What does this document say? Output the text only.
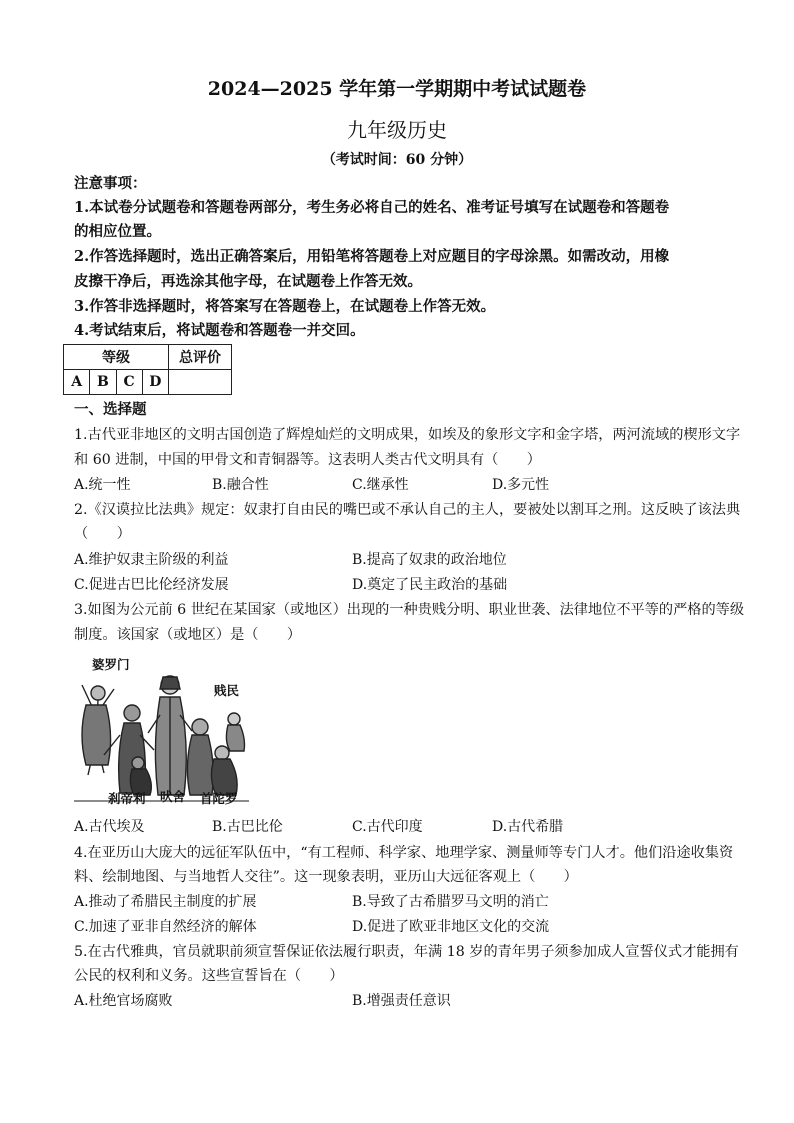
2024—2025 学年第一学期期中考试试题卷
九年级历史
（考试时间：60 分钟）
注意事项：
1.本试卷分试题卷和答题卷两部分，考生务必将自己的姓名、准考证号填写在试题卷和答题卷
的相应位置。
2.作答选择题时，选出正确答案后，用铅笔将答题卷上对应题目的字母涂黑。如需改动，用橡
皮擦干净后，再选涂其他字母，在试题卷上作答无效。
3.作答非选择题时，将答案写在答题卷上，在试题卷上作答无效。
4.考试结束后，将试题卷和答题卷一并交回。
等级				总评价
A	B	C	D	
一、选择题
1.古代亚非地区的文明古国创造了辉煌灿烂的文明成果，如埃及的象形文字和金字塔，两河流域的楔形文字
和 60 进制，中国的甲骨文和青铜器等。这表明人类古代文明具有（　　）
A.统一性	B.融合性	C.继承性	D.多元性
2.《汉谟拉比法典》规定：奴隶打自由民的嘴巴或不承认自己的主人，要被处以割耳之刑。这反映了该法典
（　　）
A.维护奴隶主阶级的利益	B.提高了奴隶的政治地位
C.促进古巴比伦经济发展	D.奠定了民主政治的基础
3.如图为公元前 6 世纪在某国家（或地区）出现的一种贵贱分明、职业世袭、法律地位不平等的严格的等级
制度。该国家（或地区）是（　　）
婆罗门
贱民
刹帝利 吠舍 首陀罗
A.古代埃及	B.古巴比伦	C.古代印度	D.古代希腊
4.在亚历山大庞大的远征军队伍中，“有工程师、科学家、地理学家、测量师等专门人才。他们沿途收集资
料、绘制地图、与当地哲人交往”。这一现象表明，亚历山大远征客观上（　　）
A.推动了希腊民主制度的扩展	B.导致了古希腊罗马文明的消亡
C.加速了亚非自然经济的解体	D.促进了欧亚非地区文化的交流
5.在古代雅典，官员就职前须宣誓保证依法履行职责，年满 18 岁的青年男子须参加成人宣誓仪式才能拥有
公民的权利和义务。这些宣誓旨在（　　）
A.杜绝官场腐败	B.增强责任意识
